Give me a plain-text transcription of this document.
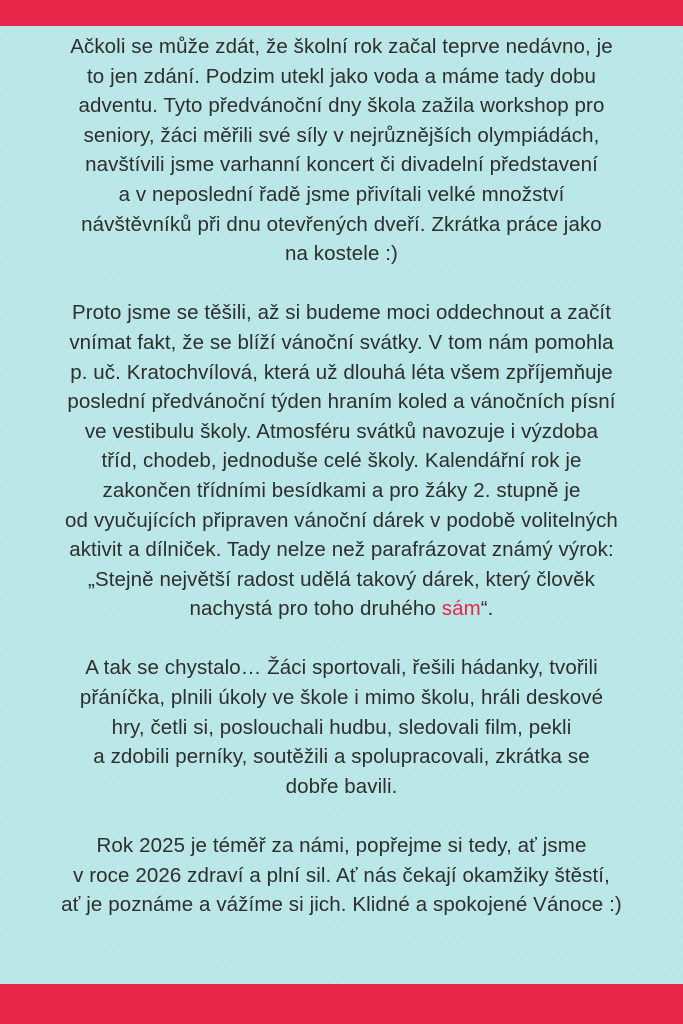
Ačkoli se může zdát, že školní rok začal teprve nedávno, je
to jen zdání. Podzim utekl jako voda a máme tady dobu
adventu. Tyto předvánoční dny škola zažila workshop pro
seniory, žáci měřili své síly v nejrůznějších olympiádách,
navštívili jsme varhanní koncert či divadelní představení
a v neposlední řadě jsme přivítali velké množství
návštěvníků při dnu otevřených dveří. Zkrátka práce jako
na kostele :)

Proto jsme se těšili, až si budeme moci oddechnout a začít
vnímat fakt, že se blíží vánoční svátky. V tom nám pomohla
p. uč. Kratochvílová, která už dlouhá léta všem zpříjemňuje
poslední předvánoční týden hraním koled a vánočních písní
ve vestibulu školy. Atmosféru svátků navozuje i výzdoba
tříd, chodeb, jednoduše celé školy. Kalendářní rok je
zakončen třídními besídkami a pro žáky 2. stupně je
od vyučujících připraven vánoční dárek v podobě volitelných
aktivit a dílniček. Tady nelze než parafrázovat známý výrok:
„Stejně největší radost udělá takový dárek, který člověk
nachystá pro toho druhého sám“.

A tak se chystalo… Žáci sportovali, řešili hádanky, tvořili
přáníčka, plnili úkoly ve škole i mimo školu, hráli deskové
hry, četli si, poslouchali hudbu, sledovali film, pekli
a zdobili perníky, soutěžili a spolupracovali, zkrátka se
dobře bavili.

Rok 2025 je téměř za námi, popřejme si tedy, ať jsme
v roce 2026 zdraví a plní sil. Ať nás čekají okamžiky štěstí,
ať je poznáme a vážíme si jich. Klidné a spokojené Vánoce :)
